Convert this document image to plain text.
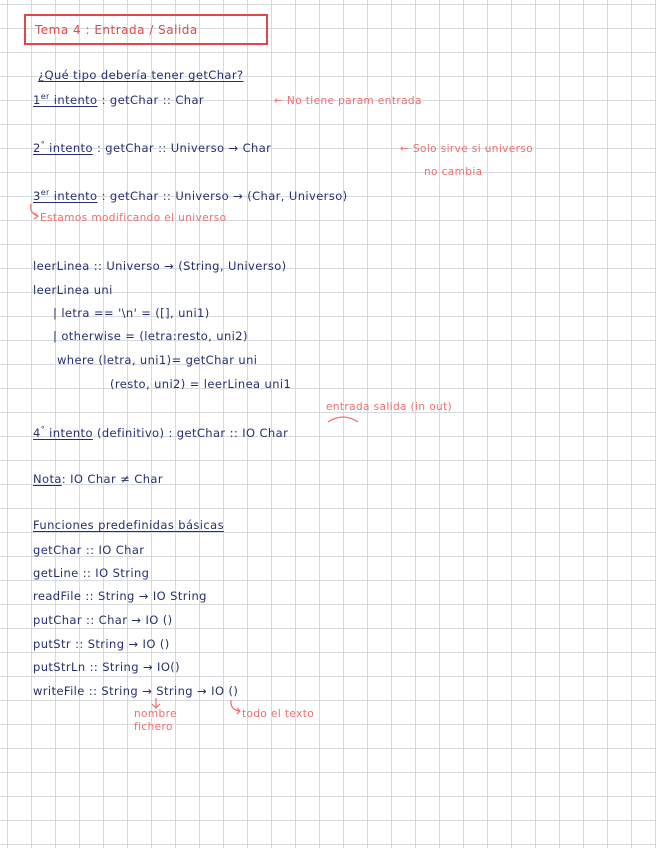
Tema 4 : Entrada / Salida
¿Qué tipo debería tener getChar?
1er intento : getChar :: Char	← No tiene param entrada
2° intento : getChar :: Universo → Char	← Solo sirve si universo
no cambia
3er intento : getChar :: Universo → (Char, Universo)
Estamos modificando el universo
leerLinea :: Universo → (String, Universo)
leerLinea uni
| letra == '\n' = ([], uni1)
| otherwise = (letra:resto, uni2)
where (letra, uni1)= getChar uni
(resto, uni2) = leerLinea uni1
entrada salida (in out)
4° intento (definitivo) : getChar :: IO Char
Nota: IO Char ≠ Char
Funciones predefinidas básicas
getChar :: IO Char
getLine :: IO String
readFile :: String → IO String
putChar :: Char → IO ()
putStr :: String → IO ()
putStrLn :: String → IO()
writeFile :: String → String → IO ()
nombre
fichero
todo el texto
